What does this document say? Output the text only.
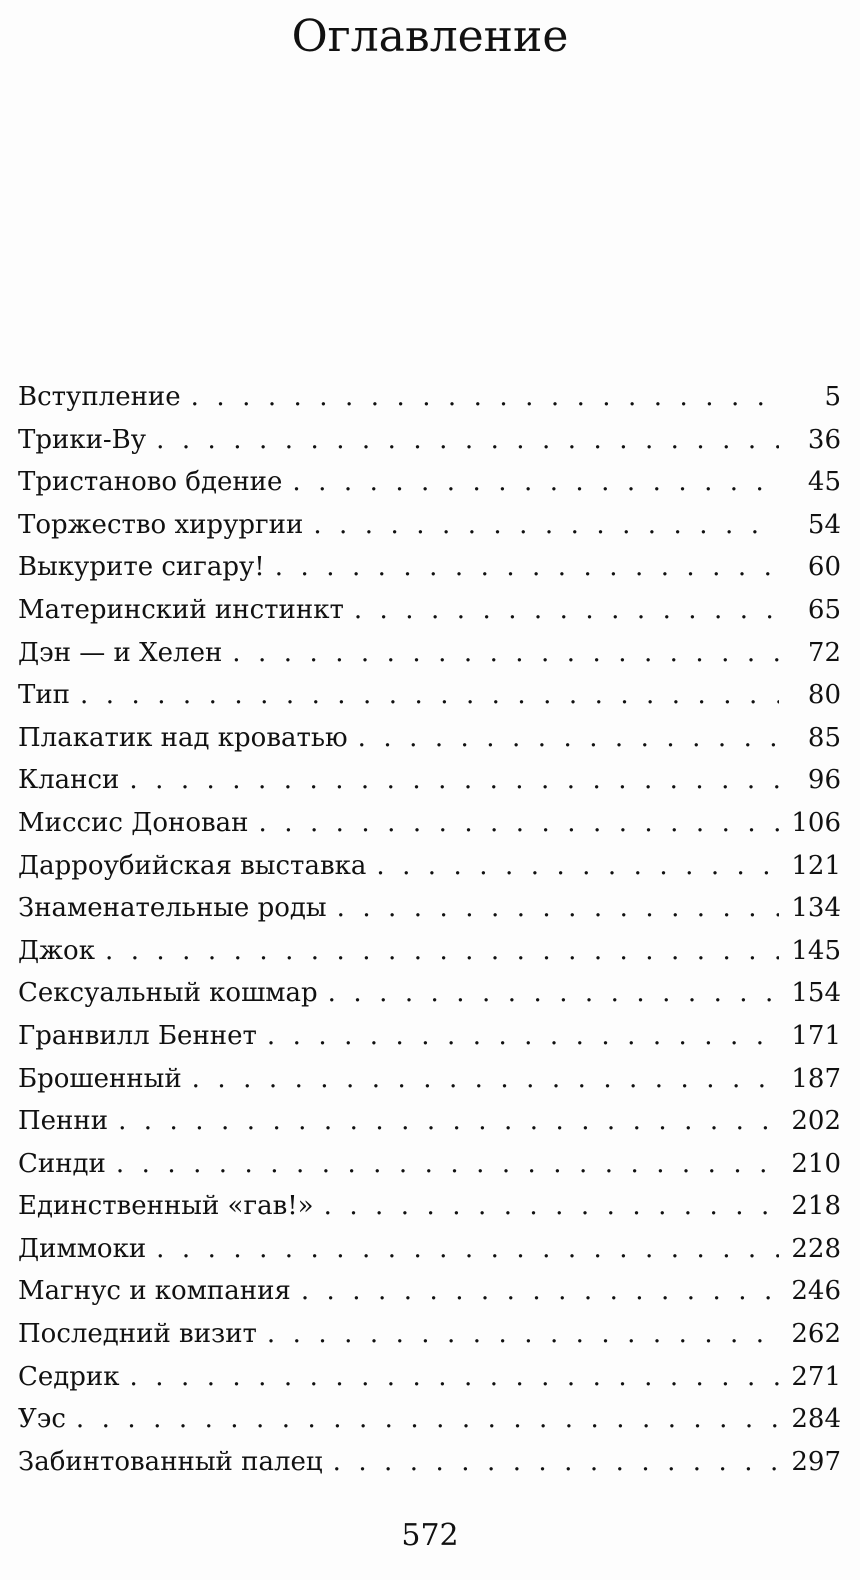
Оглавление
Вступление . . .	5
Трики-Ву . . .	36
Тристаново бдение . . .	45
Торжество хирургии . . .	54
Выкурите сигару! . . .	60
Материнский инстинкт . . .	65
Дэн — и Хелен . . .	72
Тип . . .	80
Плакатик над кроватью . . .	85
Кланси . . .	96
Миссис Донован . . .	106
Дарроубийская выставка . . .	121
Знаменательные роды . . .	134
Джок . . .	145
Сексуальный кошмар . . .	154
Гранвилл Беннет . . .	171
Брошенный . . .	187
Пенни . . .	202
Синди . . .	210
Единственный «гав!» . . .	218
Диммоки . . .	228
Магнус и компания . . .	246
Последний визит . . .	262
Седрик . . .	271
Уэс . . .	284
Забинтованный палец . . .	297
572
